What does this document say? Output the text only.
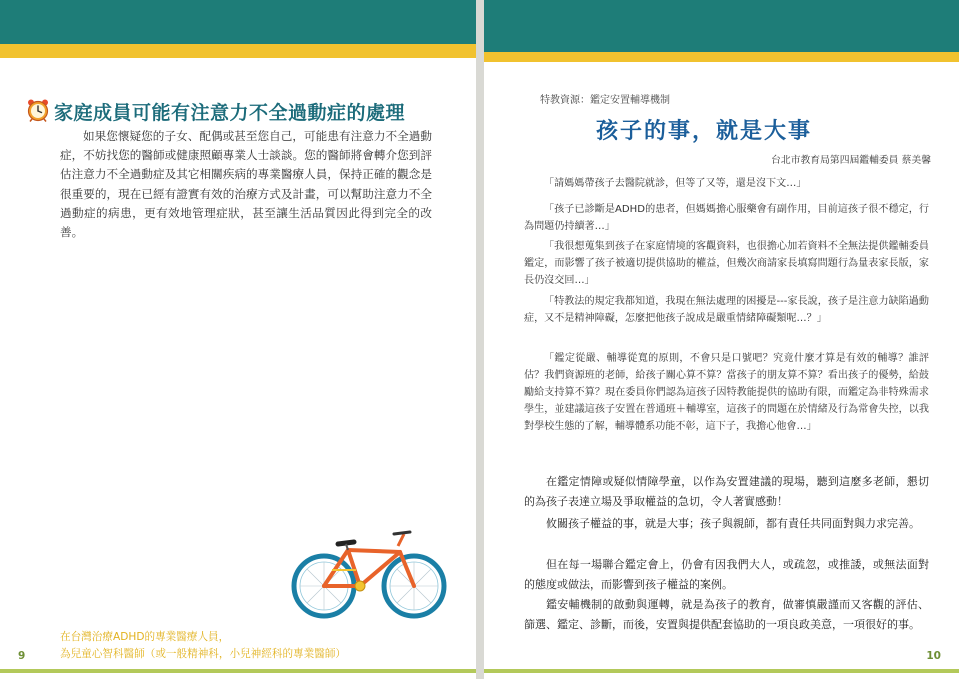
家庭成員可能有注意力不全過動症的處理

如果您懷疑您的子女、配偶或甚至您自己，可能患有注意力不全過動症，不妨找您的醫師或健康照顧專業人士談談。您的醫師將會轉介您到評估注意力不全過動症及其它相關疾病的專業醫療人員，保持正確的觀念是很重要的，現在已經有證實有效的治療方式及計畫，可以幫助注意力不全過動症的病患，更有效地管理症狀，甚至讓生活品質因此得到完全的改善。

在台灣治療ADHD的專業醫療人員，
為兒童心智科醫師（或一般精神科，小兒神經科的專業醫師）
9
特教資源：鑑定安置輔導機制
孩子的事，就是大事
台北市教育局第四屆鑑輔委員 蔡美馨

「請媽媽帶孩子去醫院就診，但等了又等，還是沒下文…」

「孩子已診斷是ADHD的患者，但媽媽擔心服藥會有副作用，目前這孩子很不穩定，行為問題仍持續著…」

「我很想蒐集到孩子在家庭情境的客觀資料，也很擔心加若資料不全無法提供鑑輔委員鑑定，而影響了孩子被適切提供協助的權益，但幾次商請家長填寫問題行為量表家長版，家長仍沒交回…」

「特教法的規定我都知道，我現在無法處理的困擾是---家長說，孩子是注意力缺陷過動症，又不是精神障礙，怎麼把他孩子說成是嚴重情緒障礙類呢…？」

「鑑定從嚴、輔導從寬的原則，不會只是口號吧？究竟什麼才算是有效的輔導？誰評估？我們資源班的老師，給孩子關心算不算？當孩子的朋友算不算？看出孩子的優勢，給鼓勵給支持算不算？現在委員你們認為這孩子因特教能提供的協助有限，而鑑定為非特殊需求學生，並建議這孩子安置在普通班＋輔導室，這孩子的問題在於情緒及行為常會失控，以我對學校生態的了解，輔導體系功能不彰，這下子，我擔心他會…」

在鑑定情障或疑似情障學童，以作為安置建議的現場，聽到這麼多老師，懇切的為孩子表達立場及爭取權益的急切，令人著實感動！

攸關孩子權益的事，就是大事；孩子與親師，都有責任共同面對與力求完善。

但在每一場聯合鑑定會上，仍會有因我們大人，或疏忽，或推諉，或無法面對的態度或做法，而影響到孩子權益的案例。

鑑安輔機制的啟動與運轉，就是為孩子的教育，做審慎嚴謹而又客觀的評估、篩選、鑑定、診斷，而後，安置與提供配套協助的一項良政美意，一項很好的事。

10
